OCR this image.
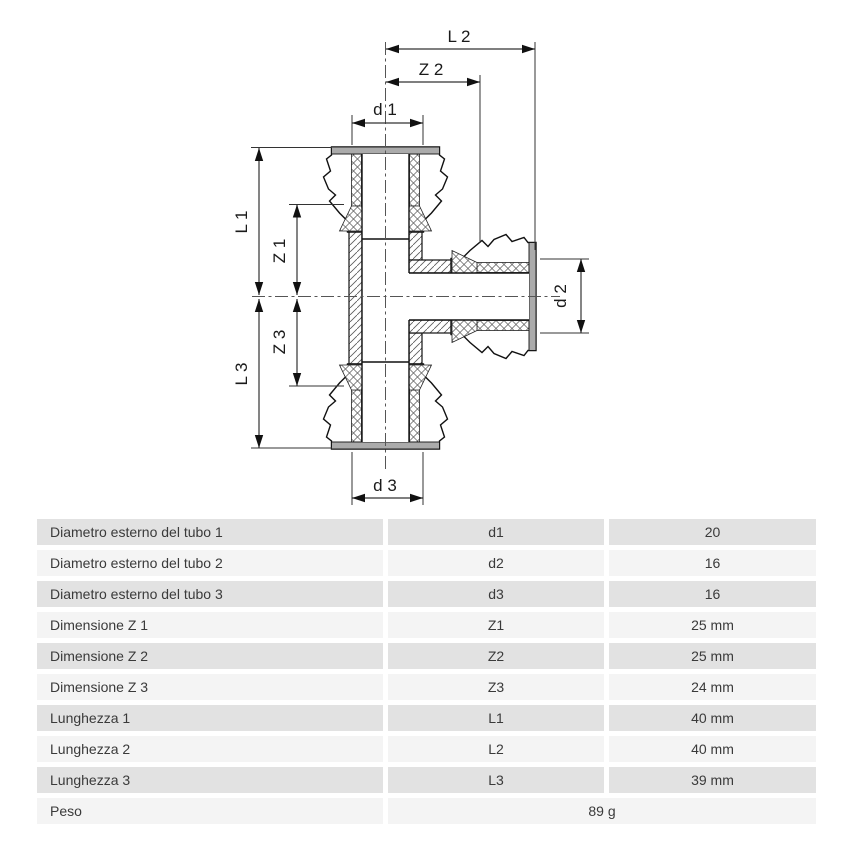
L 2
Z 2
d 1
d 3
L 1
Z 1
Z 3
L 3
d 2
Diametro esterno del tubo 1	d1	20
Diametro esterno del tubo 2	d2	16
Diametro esterno del tubo 3	d3	16
Dimensione Z 1	Z1	25 mm
Dimensione Z 2	Z2	25 mm
Dimensione Z 3	Z3	24 mm
Lunghezza 1	L1	40 mm
Lunghezza 2	L2	40 mm
Lunghezza 3	L3	39 mm
Peso	89 g
